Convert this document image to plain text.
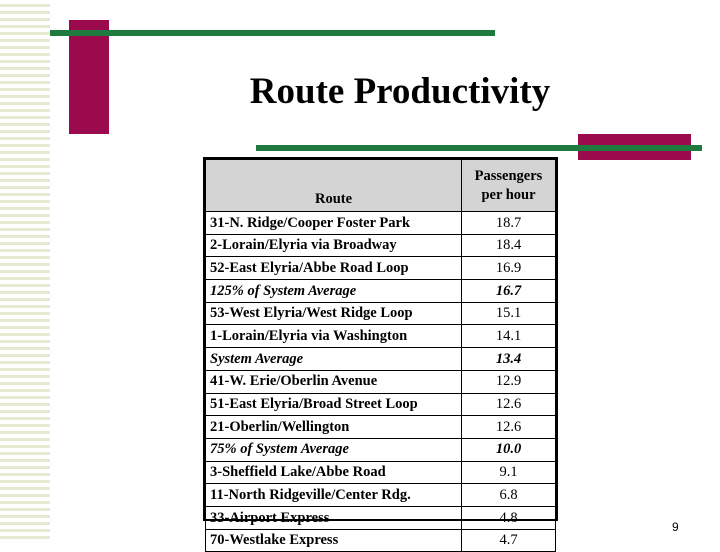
Route Productivity
Route	Passengers
per hour
31-N. Ridge/Cooper Foster Park	18.7
2-Lorain/Elyria via Broadway	18.4
52-East Elyria/Abbe Road Loop	16.9
125% of System Average	16.7
53-West Elyria/West Ridge Loop	15.1
1-Lorain/Elyria via Washington	14.1
System Average	13.4
41-W. Erie/Oberlin Avenue	12.9
51-East Elyria/Broad Street Loop	12.6
21-Oberlin/Wellington	12.6
75% of System Average	10.0
3-Sheffield Lake/Abbe Road	9.1
11-North Ridgeville/Center Rdg.	6.8
33-Airport Express	4.8
70-Westlake Express	4.7
9
